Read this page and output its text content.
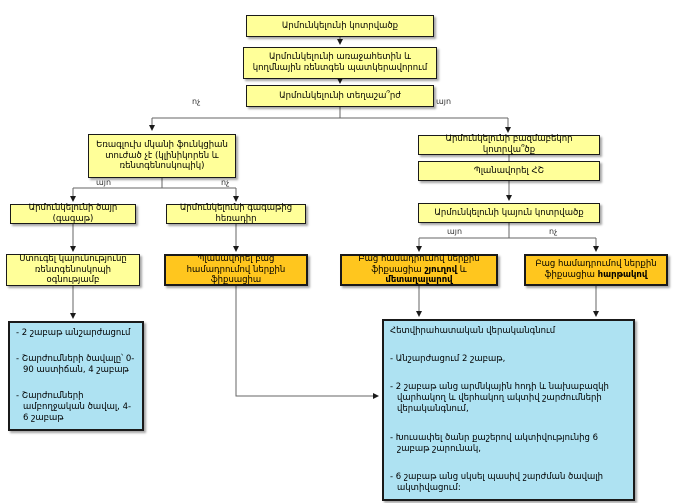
Արմունկելունի կոտրվածք
Արմունկելունի առաջահետին և կողմնային ռենտգեն պատկերավորում
Արմունկելունի տեղաշա՞րժ
ոչ	այո
Եռագլուխ մկանի ֆունկցիան տուժած չէ (կլինիկորեն և ռենտգենոսկոպիկ)
այո	ոչ
Արմունկելունի ծայր (գագաթ)
Արմունկելունի գագաթից հեռադիր
Ստուգել կայունությունը ռենտգենոսկոպի օգնությամբ
Պլանավորել բաց համադրումով ներքին ֆիքսացիա
Արմունկելունի բազմաբեկոր կոտրվա՞ծք
Պլանավորել ՀՇ
Արմունկելունի կայուն կոտրվածք
այո	ոչ
Բաց համադրումով ներքին
ֆիքսացիա շյուղով և մետաղալարով
Բաց համադրումով ներքին
ֆիքսացիա հարթակով
- 2 շաբաթ անշարժացում
- Շարժումների ծավալը՝ 0-90 աստիճան, 4 շաբաթ
- Շարժումների ամբողջական ծավալ, 4-6 շաբաթ
Հետվիրահատական վերականգնում
- Անշարժացում 2 շաբաթ,
- 2 շաբաթ անց արմնկային հոդի և նախաբազկի վարհակող և վերհակող ակտիվ շարժումների վերականգնում,
- Խուսափել ծանր քաշերով ակտիվությունից 6 շաբաթ շարունակ,
- 6 շաբաթ անց սկսել պասիվ շարժման ծավալի ակտիվացում:
